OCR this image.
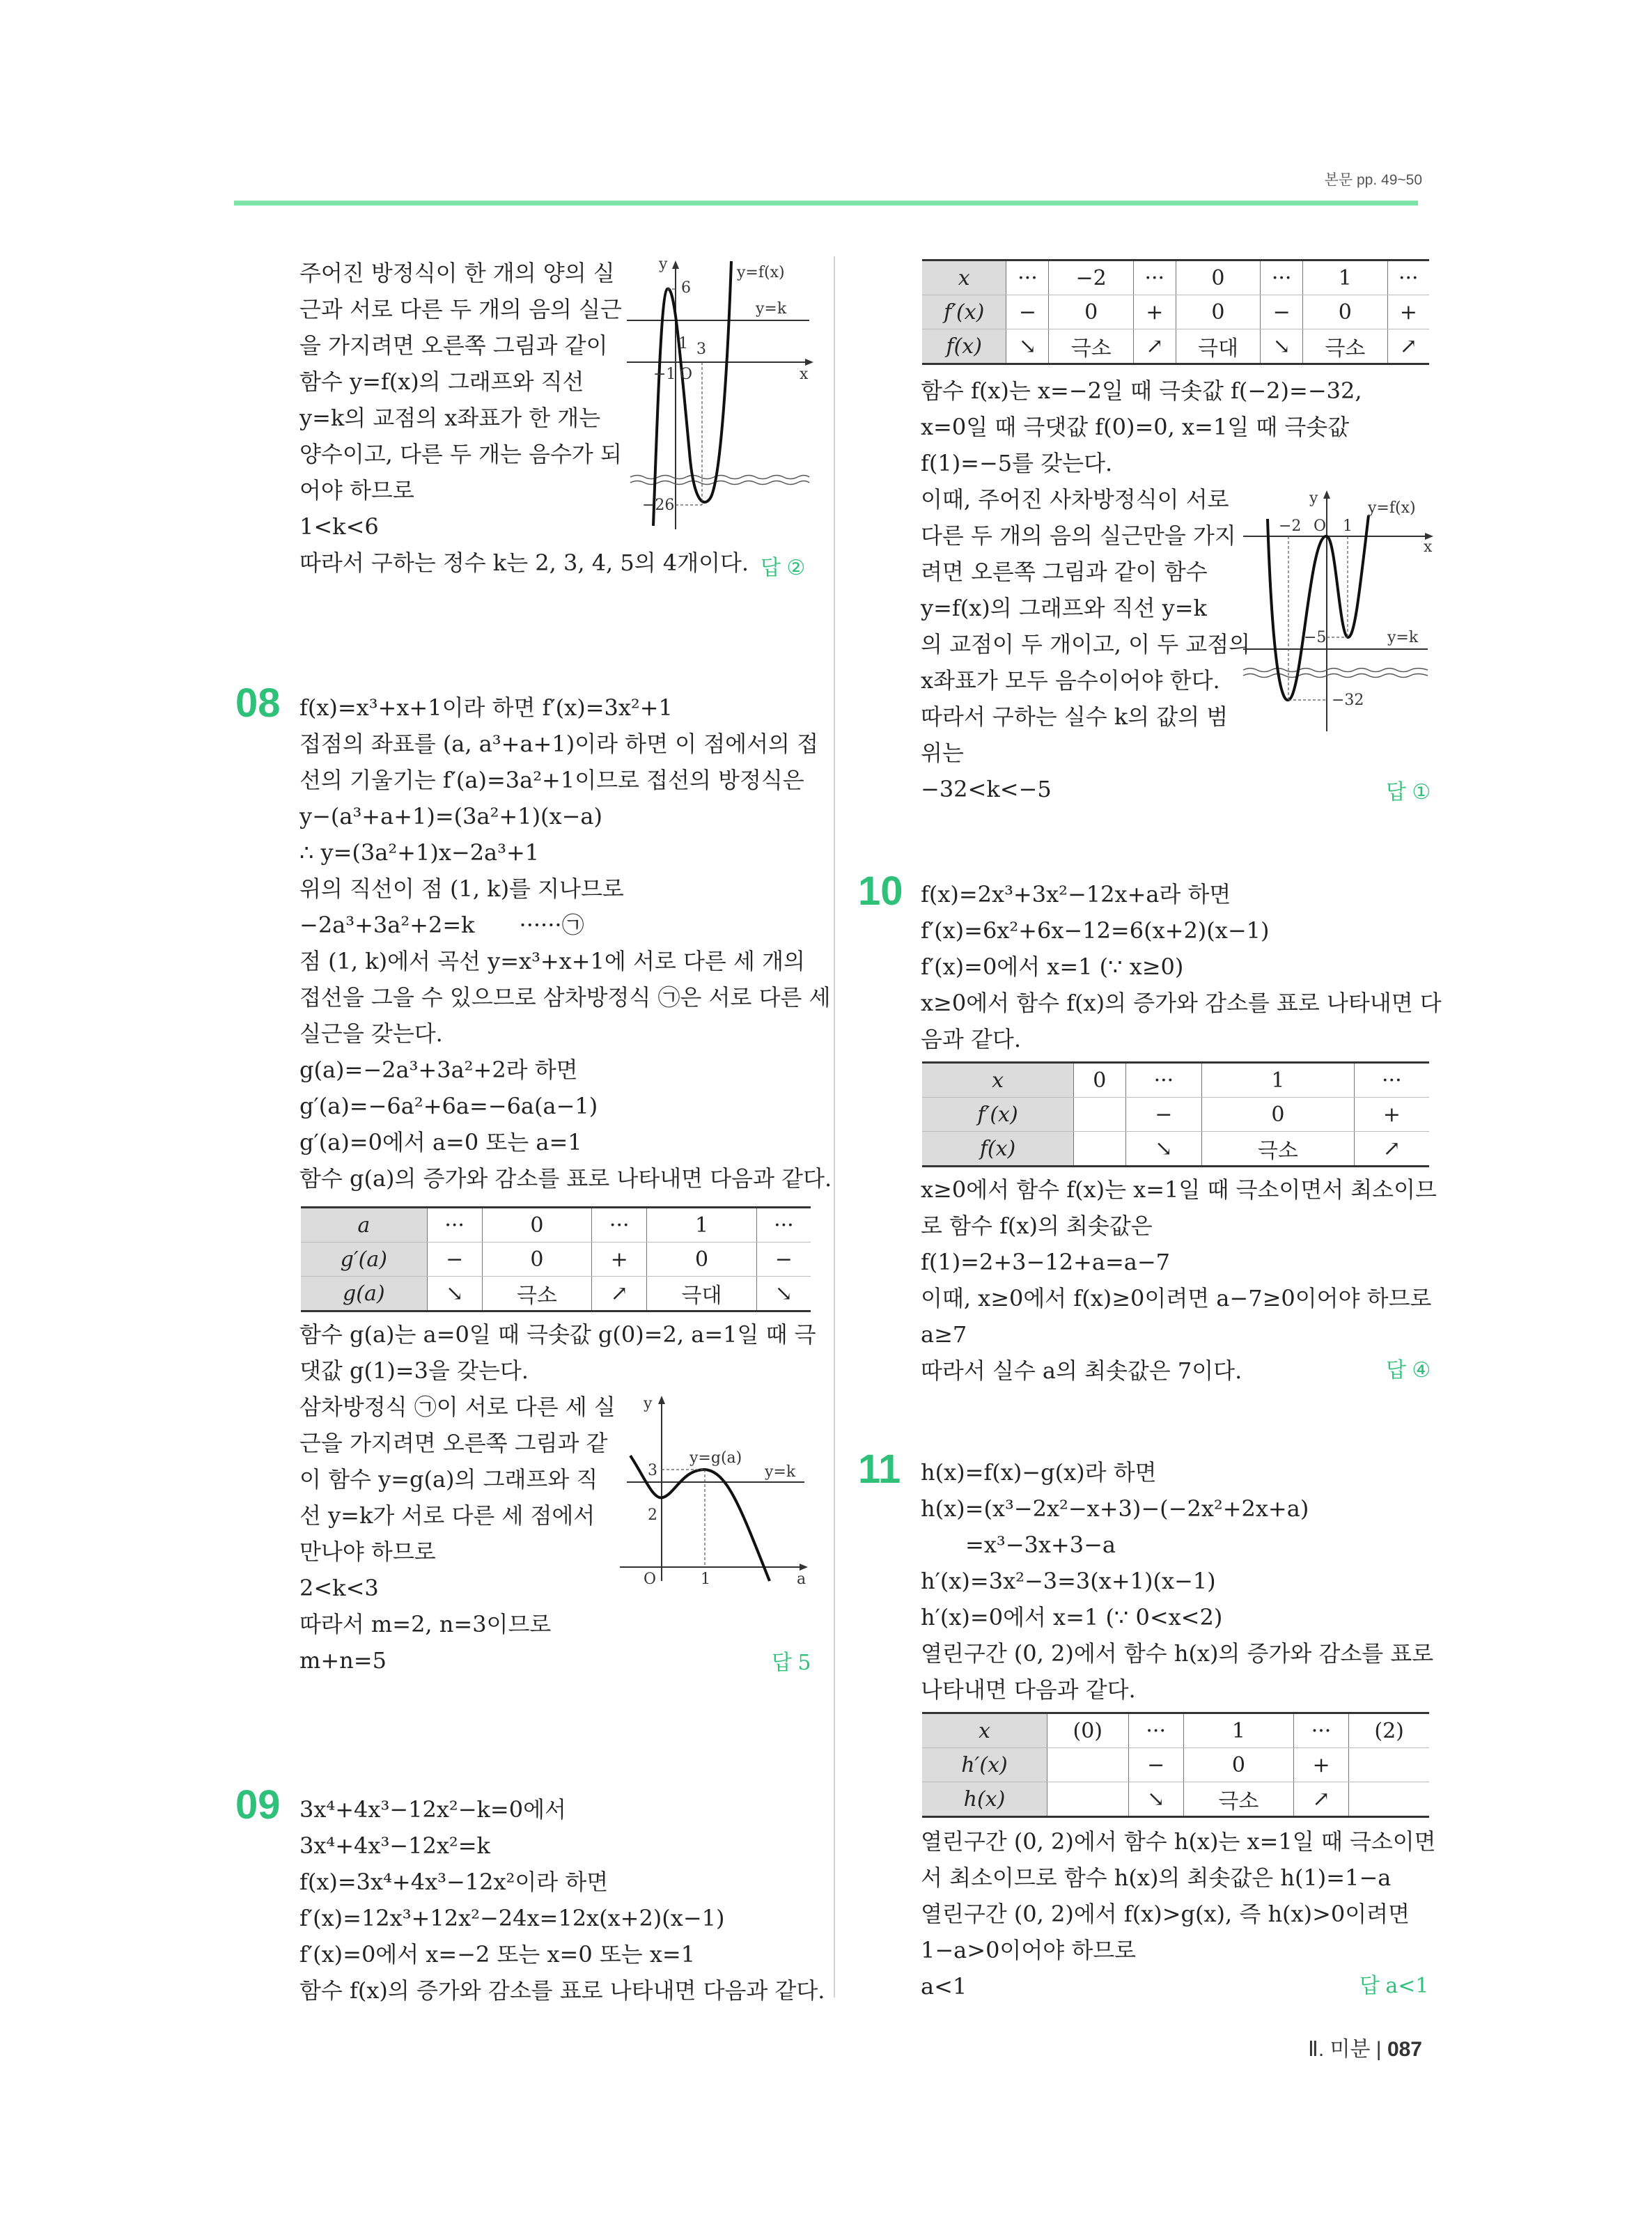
본문 pp. 49~50
주어진 방정식이 한 개의 양의 실
근과 서로 다른 두 개의 음의 실근
을 가지려면 오른쪽 그림과 같이
함수 y=f(x)의 그래프와 직선
y=k의 교점의 x좌표가 한 개는
양수이고, 다른 두 개는 음수가 되
어야 하므로
1<k<6
따라서 구하는 정수 k는 2, 3, 4, 5의 4개이다. 답 ②
y	y=f(x)
y=k
6
1 3
−1 O	x
−26
08 f(x)=x³+x+1이라 하면 f′(x)=3x²+1
접점의 좌표를 (a, a³+a+1)이라 하면 이 점에서의 접
선의 기울기는 f′(a)=3a²+1이므로 접선의 방정식은
y−(a³+a+1)=(3a²+1)(x−a)
∴ y=(3a²+1)x−2a³+1
위의 직선이 점 (1, k)를 지나므로
−2a³+3a²+2=k　　······㉠
점 (1, k)에서 곡선 y=x³+x+1에 서로 다른 세 개의
접선을 그을 수 있으므로 삼차방정식 ㉠은 서로 다른 세
실근을 갖는다.
g(a)=−2a³+3a²+2라 하면
g′(a)=−6a²+6a=−6a(a−1)
g′(a)=0에서 a=0 또는 a=1
함수 g(a)의 증가와 감소를 표로 나타내면 다음과 같다.
a	···	0	···	1	···
g′(a)	−	0	+	0	−
g(a)	↘	극소	↗	극대	↘
함수 g(a)는 a=0일 때 극솟값 g(0)=2, a=1일 때 극
댓값 g(1)=3을 갖는다.
삼차방정식 ㉠이 서로 다른 세 실
근을 가지려면 오른쪽 그림과 같
이 함수 y=g(a)의 그래프와 직
선 y=k가 서로 다른 세 점에서
만나야 하므로
2<k<3
따라서 m=2, n=3이므로
m+n=5	답 5
y
y=g(a)
y=k
3
2
O	1	a
09 3x⁴+4x³−12x²−k=0에서
3x⁴+4x³−12x²=k
f(x)=3x⁴+4x³−12x²이라 하면
f′(x)=12x³+12x²−24x=12x(x+2)(x−1)
f′(x)=0에서 x=−2 또는 x=0 또는 x=1
함수 f(x)의 증가와 감소를 표로 나타내면 다음과 같다.
x	···	−2	···	0	···	1	···
f′(x)	−	0	+	0	−	0	+
f(x)	↘	극소	↗	극대	↘	극소	↗
함수 f(x)는 x=−2일 때 극솟값 f(−2)=−32,
x=0일 때 극댓값 f(0)=0, x=1일 때 극솟값
f(1)=−5를 갖는다.
이때, 주어진 사차방정식이 서로
다른 두 개의 음의 실근만을 가지
려면 오른쪽 그림과 같이 함수
y=f(x)의 그래프와 직선 y=k
의 교점이 두 개이고, 이 두 교점의
x좌표가 모두 음수이어야 한다.
따라서 구하는 실수 k의 값의 범
위는
−32<k<−5	답 ①
y
y=f(x)
−2 O 1
x
−5	y=k
−32
10 f(x)=2x³+3x²−12x+a라 하면
f′(x)=6x²+6x−12=6(x+2)(x−1)
f′(x)=0에서 x=1 (∵ x≥0)
x≥0에서 함수 f(x)의 증가와 감소를 표로 나타내면 다
음과 같다.
x	0	···	1	···
f′(x)		−	0	+
f(x)		↘	극소	↗
x≥0에서 함수 f(x)는 x=1일 때 극소이면서 최소이므
로 함수 f(x)의 최솟값은
f(1)=2+3−12+a=a−7
이때, x≥0에서 f(x)≥0이려면 a−7≥0이어야 하므로
a≥7
따라서 실수 a의 최솟값은 7이다.	답 ④
11 h(x)=f(x)−g(x)라 하면
h(x)=(x³−2x²−x+3)−(−2x²+2x+a)
　　=x³−3x+3−a
h′(x)=3x²−3=3(x+1)(x−1)
h′(x)=0에서 x=1 (∵ 0<x<2)
열린구간 (0, 2)에서 함수 h(x)의 증가와 감소를 표로
나타내면 다음과 같다.
x	(0)	···	1	···	(2)
h′(x)		−	0	+	
h(x)		↘	극소	↗	
열린구간 (0, 2)에서 함수 h(x)는 x=1일 때 극소이면
서 최소이므로 함수 h(x)의 최솟값은 h(1)=1−a
열린구간 (0, 2)에서 f(x)>g(x), 즉 h(x)>0이려면
1−a>0이어야 하므로
a<1	답 a<1
Ⅱ. 미분 | 087
